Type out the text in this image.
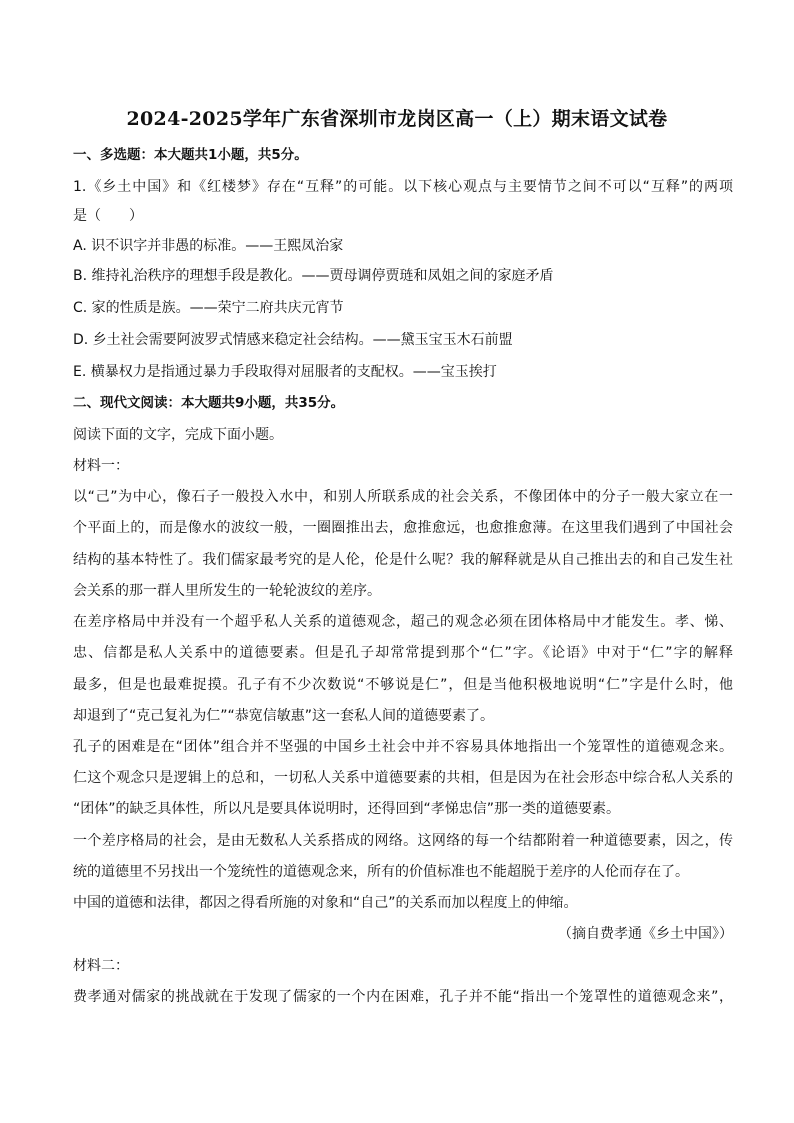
2024-2025学年广东省深圳市龙岗区高一（上）期末语文试卷
一、多选题：本大题共1小题，共5分。
1.《乡土中国》和《红楼梦》存在“互释”的可能。以下核心观点与主要情节之间不可以“互释”的两项
是（　　）
A. 识不识字并非愚的标准。——王熙凤治家
B. 维持礼治秩序的理想手段是教化。——贾母调停贾琏和凤姐之间的家庭矛盾
C. 家的性质是族。——荣宁二府共庆元宵节
D. 乡土社会需要阿波罗式情感来稳定社会结构。——黛玉宝玉木石前盟
E. 横暴权力是指通过暴力手段取得对屈服者的支配权。——宝玉挨打
二、现代文阅读：本大题共9小题，共35分。
阅读下面的文字，完成下面小题。
材料一：
以“己”为中心，像石子一般投入水中，和别人所联系成的社会关系，不像团体中的分子一般大家立在一
个平面上的，而是像水的波纹一般，一圈圈推出去，愈推愈远，也愈推愈薄。在这里我们遇到了中国社会
结构的基本特性了。我们儒家最考究的是人伦，伦是什么呢？我的解释就是从自己推出去的和自己发生社
会关系的那一群人里所发生的一轮轮波纹的差序。
在差序格局中并没有一个超乎私人关系的道德观念，超己的观念必须在团体格局中才能发生。孝、悌、
忠、信都是私人关系中的道德要素。但是孔子却常常提到那个“仁”字。《论语》中对于“仁”字的解释
最多，但是也最难捉摸。孔子有不少次数说“不够说是仁”，但是当他积极地说明“仁”字是什么时，他
却退到了“克己复礼为仁”“恭宽信敏惠”这一套私人间的道德要素了。
孔子的困难是在“团体”组合并不坚强的中国乡土社会中并不容易具体地指出一个笼罩性的道德观念来。
仁这个观念只是逻辑上的总和，一切私人关系中道德要素的共相，但是因为在社会形态中综合私人关系的
“团体”的缺乏具体性，所以凡是要具体说明时，还得回到“孝悌忠信”那一类的道德要素。
一个差序格局的社会，是由无数私人关系搭成的网络。这网络的每一个结都附着一种道德要素，因之，传
统的道德里不另找出一个笼统性的道德观念来，所有的价值标准也不能超脱于差序的人伦而存在了。
中国的道德和法律，都因之得看所施的对象和“自己”的关系而加以程度上的伸缩。
（摘自费孝通《乡土中国》）
材料二：
费孝通对儒家的挑战就在于发现了儒家的一个内在困难，孔子并不能“指出一个笼罩性的道德观念来”，
